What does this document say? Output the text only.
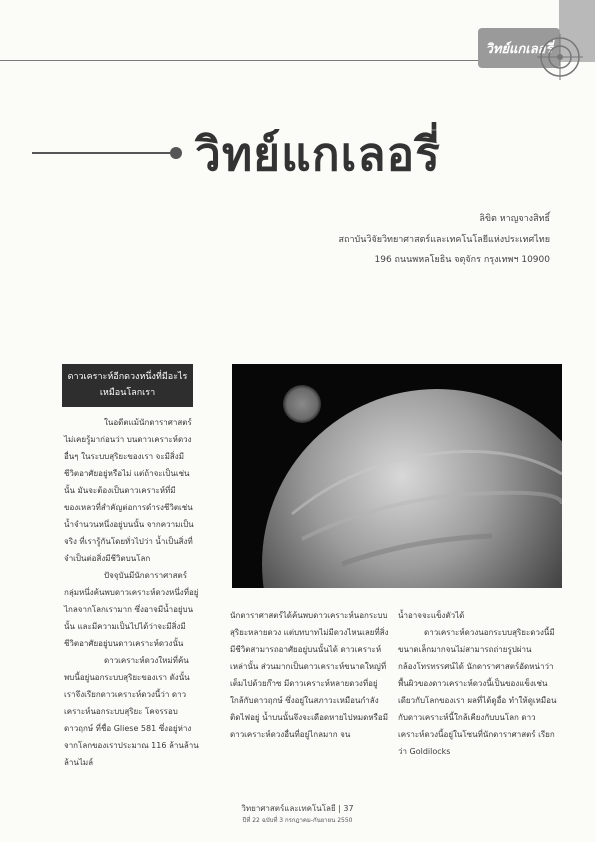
วิทย์แกเลอรี่
วิทย์แกเลอรี่
ลิขิต หาญจางสิทธิ์
สถาบันวิจัยวิทยาศาสตร์และเทคโนโลยีแห่งประเทศไทย
196 ถนนพหลโยธิน จตุจักร กรุงเทพฯ 10900
ดาวเคราะห์อีกดวงหนึ่งที่มีอะไร
เหมือนโลกเรา

ในอดีตแม้นักดาราศาสตร์ไม่เคยรู้มาก่อนว่า บนดาวเคราะห์ดวงอื่นๆ ในระบบสุริยะของเรา จะมีสิ่งมีชีวิตอาศัยอยู่หรือไม่ แต่ถ้าจะเป็นเช่นนั้น มันจะต้องเป็นดาวเคราะห์ที่มีของเหลวที่สำคัญต่อการดำรงชีวิตเช่นน้ำจำนวนหนึ่งอยู่บนนั้น จากความเป็นจริง ที่เรารู้กันโดยทั่วไปว่า น้ำเป็นสิ่งที่จำเป็นต่อสิ่งมีชีวิตบนโลก

ปัจจุบันมีนักดาราศาสตร์กลุ่มหนึ่งค้นพบดาวเคราะห์ดวงหนึ่งที่อยู่ไกลจากโลกเรามาก ซึ่งอาจมีน้ำอยู่บนนั้น และมีความเป็นไปได้ว่าจะมีสิ่งมีชีวิตอาศัยอยู่บนดาวเคราะห์ดวงนั้น

ดาวเคราะห์ดวงใหม่ที่ค้นพบนี้อยู่นอกระบบสุริยะของเรา ดังนั้นเราจึงเรียกดาวเคราะห์ดวงนี้ว่า ดาวเคราะห์นอกระบบสุริยะ โคจรรอบดาวฤกษ์ ที่ชื่อ Gliese 581 ซึ่งอยู่ห่างจากโลกของเราประมาณ 116 ล้านล้านล้านไมล์

นักดาราศาสตร์ได้ค้นพบดาวเคราะห์นอกระบบสุริยะหลายดวง แต่บทบาทไม่มีดวงไหนเลยที่สิ่งมีชีวิตสามารถอาศัยอยู่บนนั้นได้ ดาวเคราะห์เหล่านั้น ส่วนมากเป็นดาวเคราะห์ขนาดใหญ่ที่เต็มไปด้วยก๊าซ มีดาวเคราะห์หลายดวงที่อยู่ใกล้กับดาวฤกษ์ ซึ่งอยู่ในสภาวะเหมือนกำลังติดไฟอยู่ น้ำบนนั้นจึงจะเดือดหายไปหมดหรือมีดาวเคราะห์ดวงอื่นที่อยู่ไกลมาก จน

น้ำอาจจะแข็งตัวได้

ดาวเคราะห์ดวงนอกระบบสุริยะดวงนี้มีขนาดเล็กมากจนไม่สามารถถ่ายรูปผ่านกล้องโทรทรรศน์ได้ นักดาราศาสตร์อัดหน่าว่า พื้นผิวของดาวเคราะห์ดวงนี้เป็นของแข็งเช่นเดียวกับโลกของเรา ผลที่ได้ดูอื่อ ทำให้ดูเหมือนกับดาวเคราะห์นี้ใกล้เคียงกับบนโลก ดาวเคราะห์ดวงนี้อยู่ในโซนที่นักดาราศาสตร์ เรียกว่า Goldilocks

วิทยาศาสตร์และเทคโนโลยี | 37
ปีที่ 22 ฉบับที่ 3 กรกฎาคม-กันยายน 2550
